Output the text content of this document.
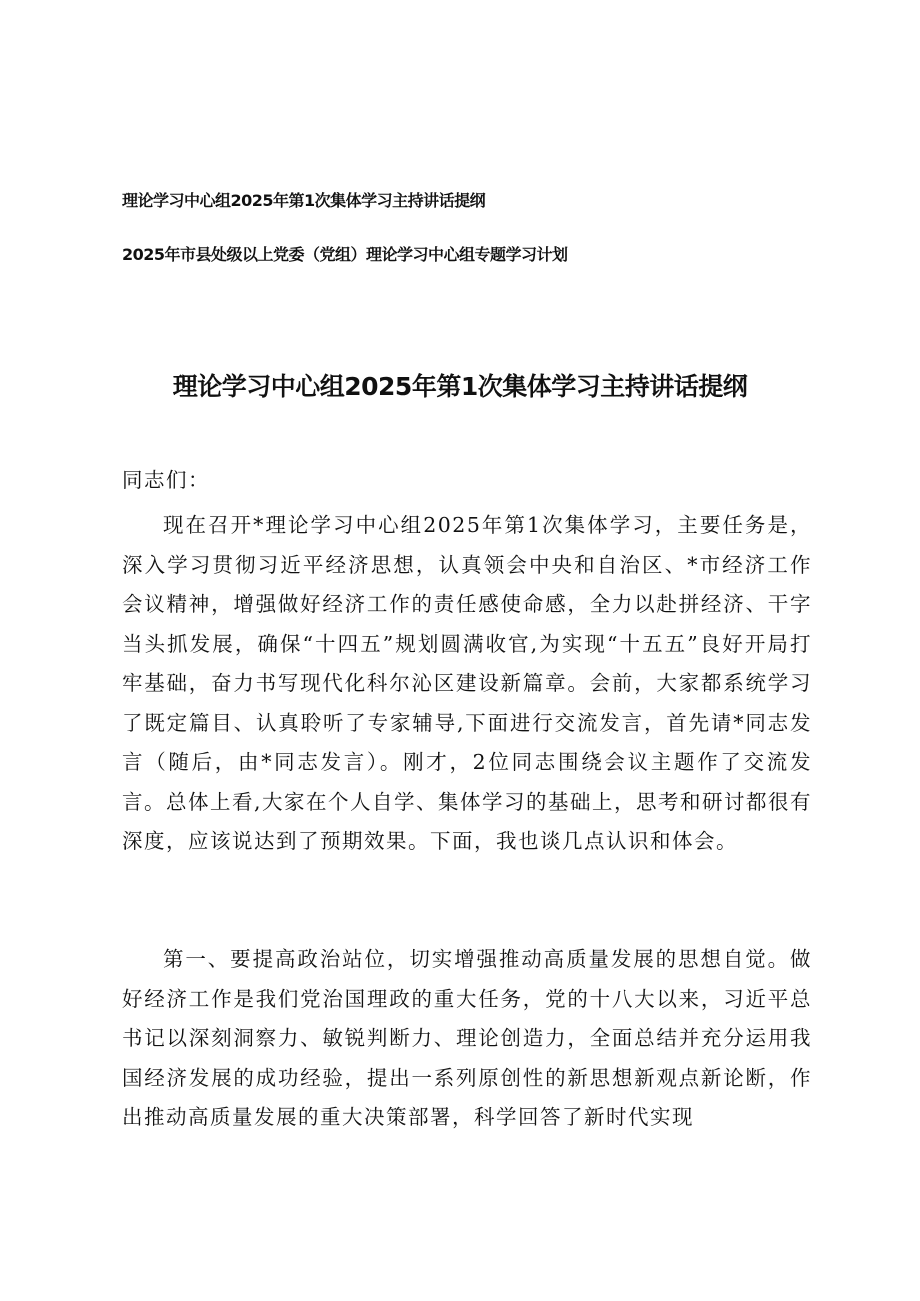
理论学习中心组2025年第1次集体学习主持讲话提纲
2025年市县处级以上党委（党组）理论学习中心组专题学习计划
理论学习中心组2025年第1次集体学习主持讲话提纲
同志们：

现在召开*理论学习中心组2025年第1次集体学习，主要任务是，深入学习贯彻习近平经济思想，认真领会中央和自治区、*市经济工作会议精神，增强做好经济工作的责任感使命感，全力以赴拼经济、干字当头抓发展，确保“十四五”规划圆满收官,为实现“十五五”良好开局打牢基础，奋力书写现代化科尔沁区建设新篇章。会前，大家都系统学习了既定篇目、认真聆听了专家辅导,下面进行交流发言，首先请*同志发言（随后，由*同志发言）。刚才，2位同志围绕会议主题作了交流发言。总体上看,大家在个人自学、集体学习的基础上，思考和研讨都很有深度，应该说达到了预期效果。下面，我也谈几点认识和体会。

第一、要提高政治站位，切实增强推动高质量发展的思想自觉。做好经济工作是我们党治国理政的重大任务，党的十八大以来，习近平总书记以深刻洞察力、敏锐判断力、理论创造力，全面总结并充分运用我国经济发展的成功经验，提出一系列原创性的新思想新观点新论断，作出推动高质量发展的重大决策部署，科学回答了新时代实现
